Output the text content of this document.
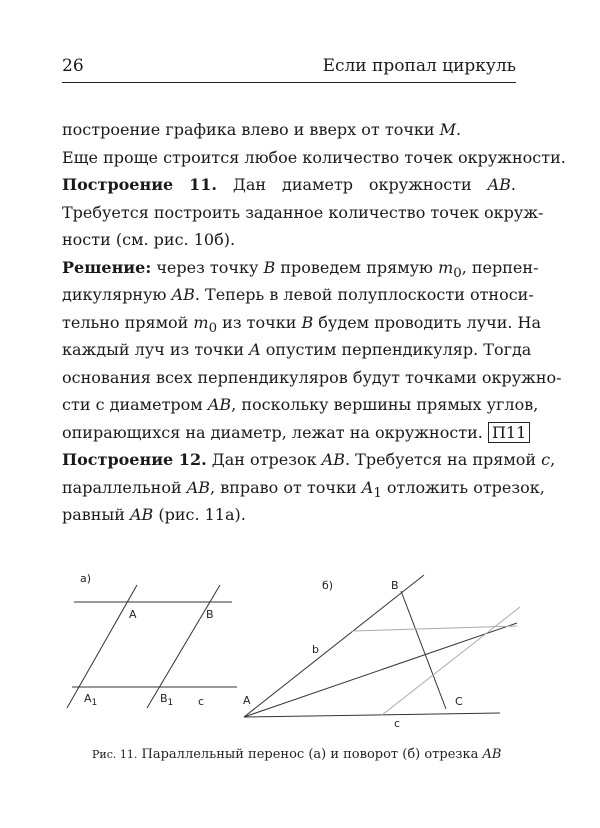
26	Если пропал циркуль
построение графика влево и вверх от точки M.
Еще проще строится любое количество точек окружности.
Построение 11. Дан диаметр окружности AB.
Требуется построить заданное количество точек окруж-
ности (см. рис. 10б).
Решение: через точку B проведем прямую $m_0$, перпен-
дикулярную AB. Теперь в левой полуплоскости относи-
тельно прямой $m_0$ из точки B будем проводить лучи. На
каждый луч из точки A опустим перпендикуляр. Тогда
основания всех перпендикуляров будут точками окружно-
сти с диаметром AB, поскольку вершины прямых углов,
опирающихся на диаметр, лежат на окружности. П11
Построение 12. Дан отрезок AB. Требуется на прямой c,
параллельной AB, вправо от точки $A_1$ отложить отрезок,
равный AB (рис. 11а).
а)
A	B
$A_1$	$B_1$ c
б)
A
B
C
b
c
Рис. 11. Параллельный перенос (а) и поворот (б) отрезка AB
